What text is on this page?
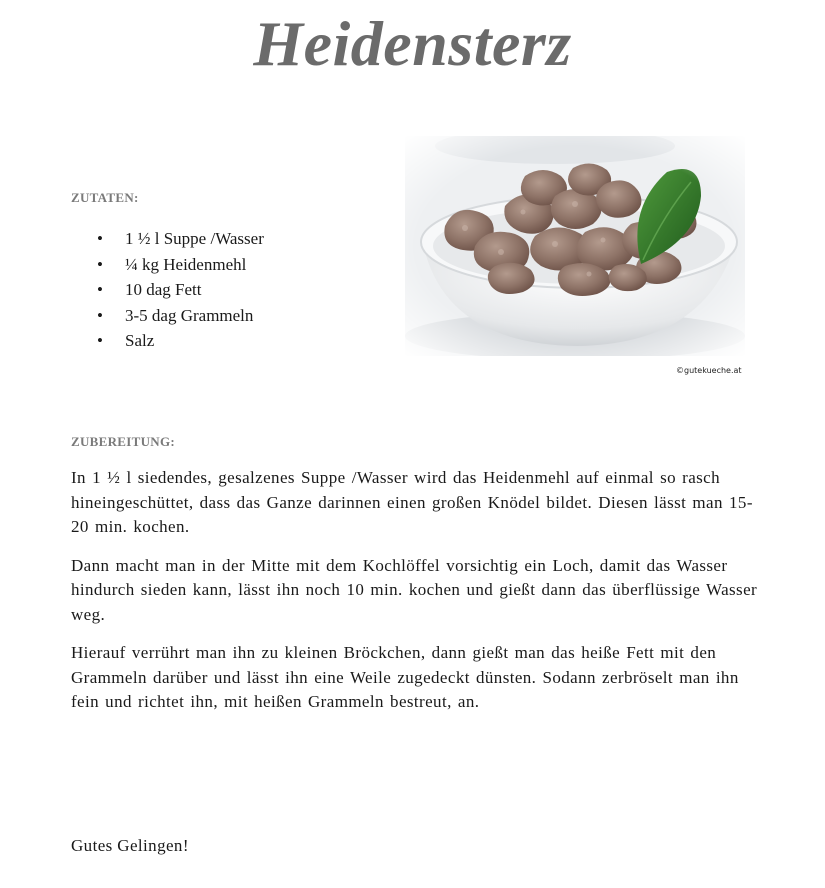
Heidensterz
ZUTATEN:
• 1 ½ l Suppe /Wasser
• ¼ kg Heidenmehl
• 10 dag Fett
• 3-5 dag Grammeln
• Salz
©gutekueche.at
ZUBEREITUNG:

In 1 ½ l siedendes, gesalzenes Suppe /Wasser wird das Heidenmehl auf einmal so rasch hineingeschüttet, dass das Ganze darinnen einen großen Knödel bildet. Diesen lässt man 15-20 min. kochen.

Dann macht man in der Mitte mit dem Kochlöffel vorsichtig ein Loch, damit das Wasser hindurch sieden kann, lässt ihn noch 10 min. kochen und gießt dann das überflüssige Wasser weg.

Hierauf verrührt man ihn zu kleinen Bröckchen, dann gießt man das heiße Fett mit den Grammeln darüber und lässt ihn eine Weile zugedeckt dünsten. Sodann zerbröselt man ihn fein und richtet ihn, mit heißen Grammeln bestreut, an.

Gutes Gelingen!
